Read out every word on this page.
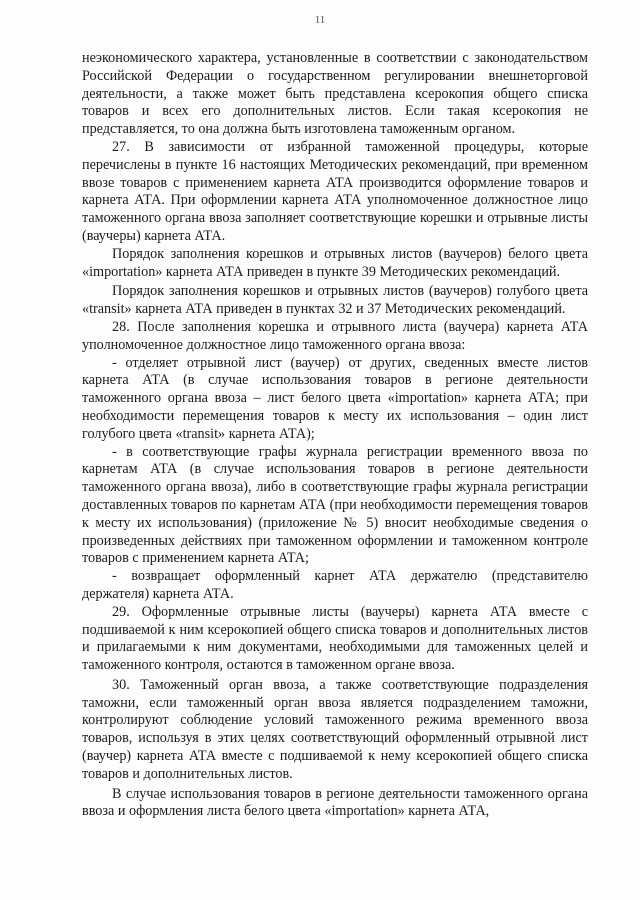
11

неэкономического характера, установленные в соответствии с законодательством Российской Федерации о государственном регулировании внешнеторговой деятельности, а также может быть представлена ксерокопия общего списка товаров и всех его дополнительных листов. Если такая ксерокопия не представляется, то она должна быть изготовлена таможенным органом.

27. В зависимости от избранной таможенной процедуры, которые перечислены в пункте 16 настоящих Методических рекомендаций, при временном ввозе товаров с применением карнета АТА производится оформление товаров и карнета АТА. При оформлении карнета АТА уполномоченное должностное лицо таможенного органа ввоза заполняет соответствующие корешки и отрывные листы (ваучеры) карнета АТА.

Порядок заполнения корешков и отрывных листов (ваучеров) белого цвета «importation» карнета АТА приведен в пункте 39 Методических рекомендаций.

Порядок заполнения корешков и отрывных листов (ваучеров) голубого цвета «transit» карнета АТА приведен в пунктах 32 и 37 Методических рекомендаций.

28. После заполнения корешка и отрывного листа (ваучера) карнета АТА уполномоченное должностное лицо таможенного органа ввоза:

- отделяет отрывной лист (ваучер) от других, сведенных вместе листов карнета АТА (в случае использования товаров в регионе деятельности таможенного органа ввоза – лист белого цвета «importation» карнета АТА; при необходимости перемещения товаров к месту их использования – один лист голубого цвета «transit» карнета АТА);

- в соответствующие графы журнала регистрации временного ввоза по карнетам АТА (в случае использования товаров в регионе деятельности таможенного органа ввоза), либо в соответствующие графы журнала регистрации доставленных товаров по карнетам АТА (при необходимости перемещения товаров к месту их использования) (приложение № 5) вносит необходимые сведения о произведенных действиях при таможенном оформлении и таможенном контроле товаров с применением карнета АТА;

- возвращает оформленный карнет АТА держателю (представителю держателя) карнета АТА.

29. Оформленные отрывные листы (ваучеры) карнета АТА вместе с подшиваемой к ним ксерокопией общего списка товаров и дополнительных листов и прилагаемыми к ним документами, необходимыми для таможенных целей и таможенного контроля, остаются в таможенном органе ввоза.

30. Таможенный орган ввоза, а также соответствующие подразделения таможни, если таможенный орган ввоза является подразделением таможни, контролируют соблюдение условий таможенного режима временного ввоза товаров, используя в этих целях соответствующий оформленный отрывной лист (ваучер) карнета АТА вместе с подшиваемой к нему ксерокопией общего списка товаров и дополнительных листов.

В случае использования товаров в регионе деятельности таможенного органа ввоза и оформления листа белого цвета «importation» карнета АТА,
